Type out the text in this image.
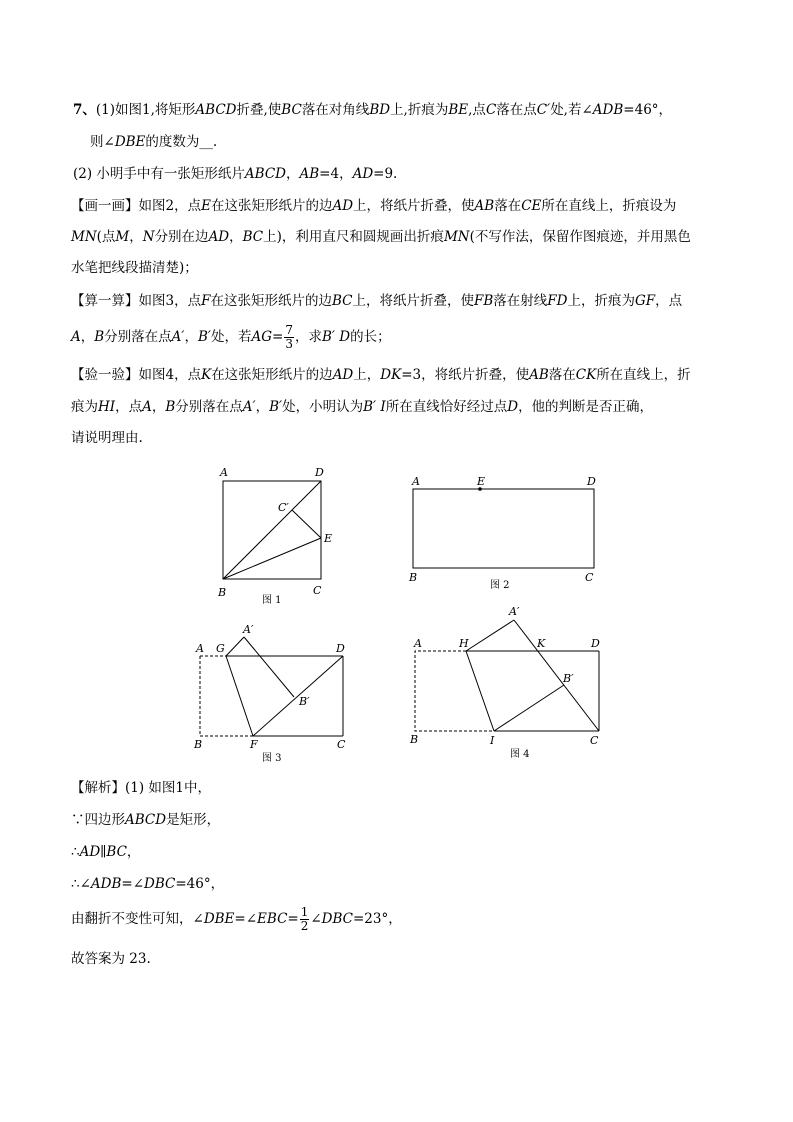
7、(1)如图1,将矩形ABCD折叠,使BC落在对角线BD上,折痕为BE,点C落在点C′处,若∠ADB=46°，
则∠DBE的度数为__.
(2) 小明手中有一张矩形纸片ABCD，AB=4，AD=9.
【画一画】如图2，点E在这张矩形纸片的边AD上，将纸片折叠，使AB落在CE所在直线上，折痕设为
MN(点M，N分别在边AD，BC上)，利用直尺和圆规画出折痕MN(不写作法，保留作图痕迹，并用黑色
水笔把线段描清楚)；
【算一算】如图3，点F在这张矩形纸片的边BC上，将纸片折叠，使FB落在射线FD上，折痕为GF，点
A，B分别落在点A′，B′处，若$AG= \frac{7}{3}$ ，求B′ D的长；
【验一验】如图4，点K在这张矩形纸片的边AD上，DK=3，将纸片折叠，使AB落在CK所在直线上，折
痕为HI，点A，B分别落在点A′，B′处，小明认为B′ I所在直线恰好经过点D，他的判断是否正确，
请说明理由.
A	D
C′
E
B	C
图 1
A	E	D
B	C
图 2
A G
A′
D
B′
B	F	C
图 3
A	H
A′
K	D
B′
B	I	C
图 4
【解析】(1) 如图1中，
∵四边形ABCD是矩形，
∴AD∥BC，
∴∠ADB=∠DBC=46°，
由翻折不变性可知，∠DBE=∠EBC= $\frac{1}{2}$ ∠DBC=23°，
故答案为 23.
